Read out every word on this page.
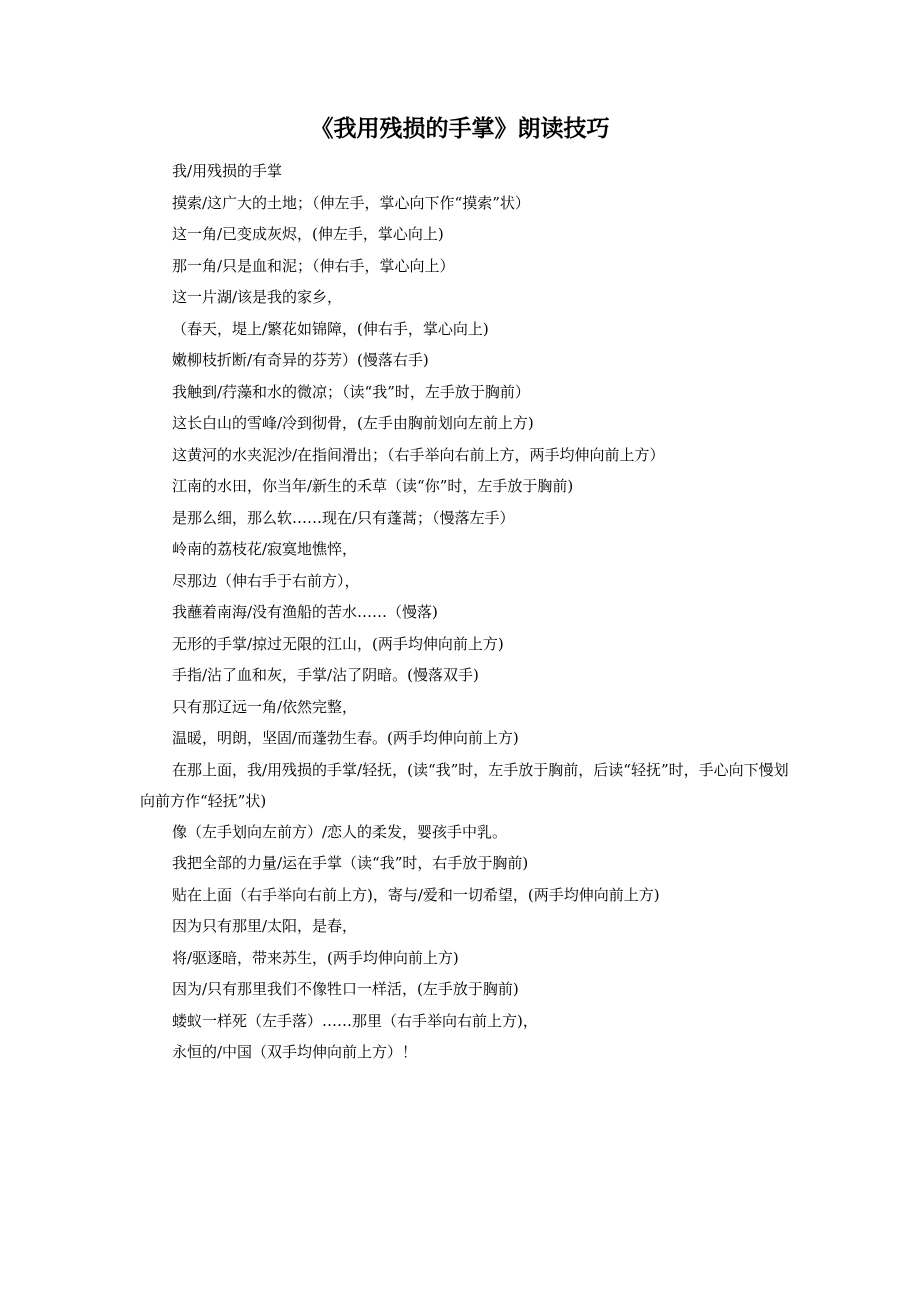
《我用残损的手掌》朗读技巧

我/用残损的手掌

摸索/这广大的土地；（伸左手，掌心向下作“摸索”状）

这一角/已变成灰烬，(伸左手，掌心向上)

那一角/只是血和泥；（伸右手，掌心向上）

这一片湖/该是我的家乡，

（春天，堤上/繁花如锦障，(伸右手，掌心向上)

嫩柳枝折断/有奇异的芬芳）(慢落右手)

我触到/荇藻和水的微凉；（读“我”时，左手放于胸前）

这长白山的雪峰/冷到彻骨，(左手由胸前划向左前上方)

这黄河的水夹泥沙/在指间滑出；（右手举向右前上方，两手均伸向前上方）

江南的水田，你当年/新生的禾草（读“你”时，左手放于胸前)

是那么细，那么软……现在/只有蓬蒿；（慢落左手）

岭南的荔枝花/寂寞地憔悴，

尽那边（伸右手于右前方），

我蘸着南海/没有渔船的苦水……（慢落)

无形的手掌/掠过无限的江山，(两手均伸向前上方)

手指/沾了血和灰，手掌/沾了阴暗。(慢落双手)

只有那辽远一角/依然完整，

温暖，明朗，坚固/而蓬勃生春。(两手均伸向前上方)

在那上面，我/用残损的手掌/轻抚，(读“我”时，左手放于胸前，后读“轻抚”时，手心向下慢划向前方作“轻抚”状)

像（左手划向左前方）/恋人的柔发，婴孩手中乳。

我把全部的力量/运在手掌（读“我”时，右手放于胸前)

贴在上面（右手举向右前上方)，寄与/爱和一切希望，(两手均伸向前上方)

因为只有那里/太阳，是春，

将/驱逐暗，带来苏生，(两手均伸向前上方)

因为/只有那里我们不像牲口一样活，(左手放于胸前)

蝼蚁一样死（左手落）……那里（右手举向右前上方)，

永恒的/中国（双手均伸向前上方）！
